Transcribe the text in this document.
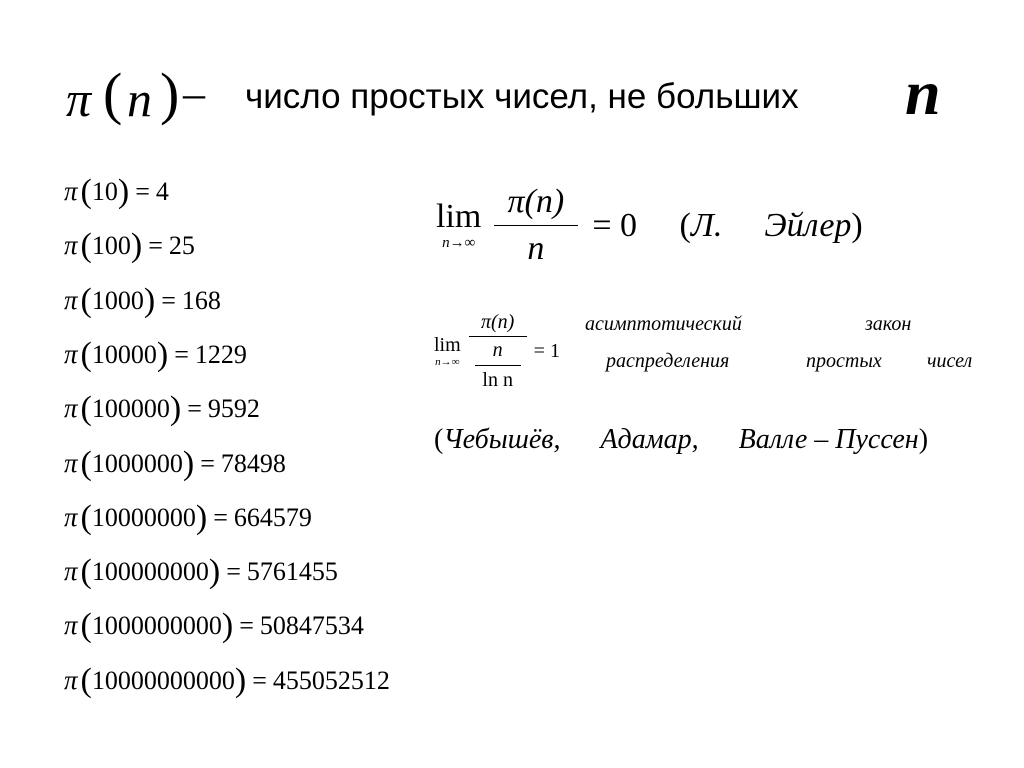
π ( n ) – число простых чисел, не больших n
π(10) = 4
π(100) = 25
π(1000) = 168
π(10000) = 1229
π(100000) = 9592
π(1000000) = 78498
π(10000000) = 664579
π(100000000) = 5761455
π(1000000000) = 50847534
π(10000000000) = 455052512
lim
n→∞
$\frac{\pi(n)}{n} = 0$ (Л. Эйлер)
lim
n→∞
π(n)
n
ln n = 1
асимптотический	закон
распределения	простых чисел
(Чебышёв, Адамар, Валле – Пуссен)
